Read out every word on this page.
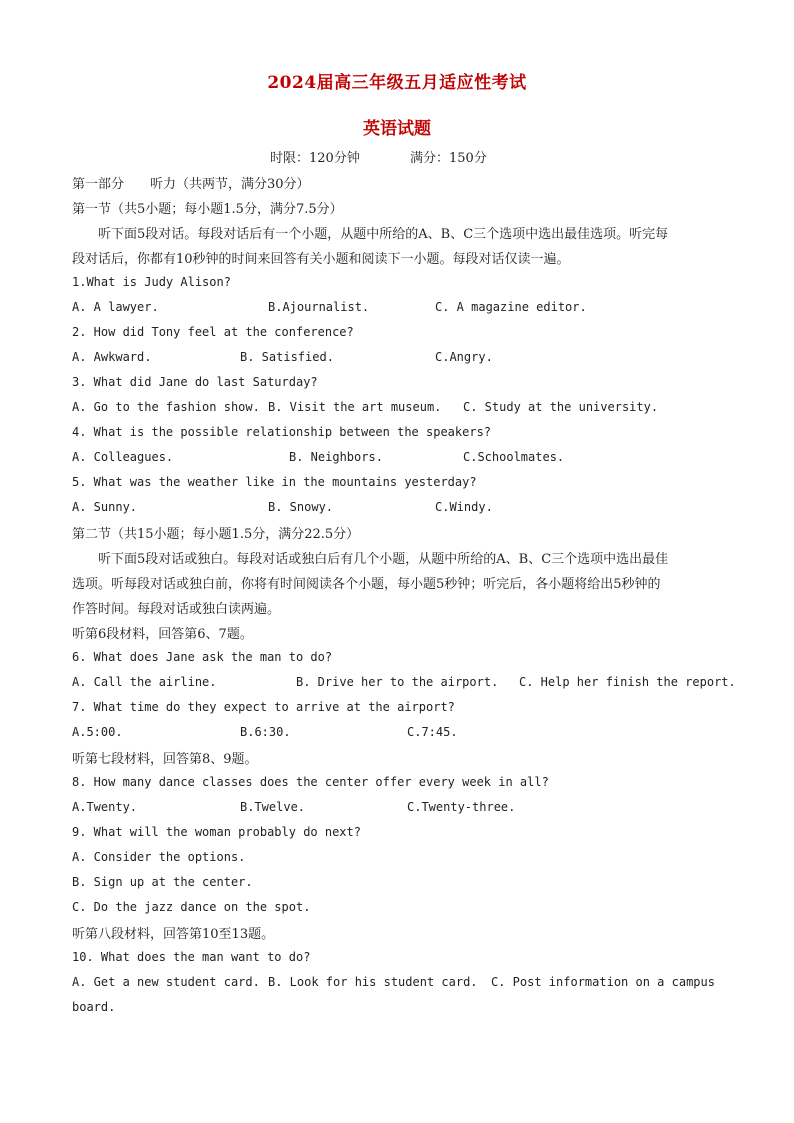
2024届高三年级五月适应性考试
英语试题
时限：120分钟	满分：150分
第一部分　　听力（共两节，满分30分）
第一节（共5小题；每小题1.5分，满分7.5分）
听下面5段对话。每段对话后有一个小题，从题中所给的A、B、C三个选项中选出最佳选项。听完每
段对话后，你都有10秒钟的时间来回答有关小题和阅读下一小题。每段对话仅读一遍。
1.What is Judy Alison?
A. A lawyer.	B.Ajournalist.	C. A magazine editor.
2. How did Tony feel at the conference?
A. Awkward.	B. Satisfied.	C.Angry.
3. What did Jane do last Saturday?
A. Go to the fashion show. B. Visit the art museum. C. Study at the university.
4. What is the possible relationship between the speakers?
A. Colleagues.	B. Neighbors.	C.Schoolmates.
5. What was the weather like in the mountains yesterday?
A. Sunny.	B. Snowy.	C.Windy.
第二节（共15小题；每小题1.5分，满分22.5分）
听下面5段对话或独白。每段对话或独白后有几个小题，从题中所给的A、B、C三个选项中选出最佳
选项。听每段对话或独白前，你将有时间阅读各个小题，每小题5秒钟；听完后，各小题将给出5秒钟的
作答时间。每段对话或独白读两遍。
听第6段材料，回答第6、7题。
6. What does Jane ask the man to do?
A. Call the airline.	B. Drive her to the airport. C. Help her finish the report.
7. What time do they expect to arrive at the airport?
A.5:00.	B.6:30.	C.7:45.
听第七段材料，回答第8、9题。
8. How many dance classes does the center offer every week in all?
A.Twenty.	B.Twelve.	C.Twenty-three.
9. What will the woman probably do next?
A. Consider the options.
B. Sign up at the center.
C. Do the jazz dance on the spot.
听第八段材料，回答第10至13题。
10. What does the man want to do?
A. Get a new student card. B. Look for his student card. C. Post information on a campus
board.
